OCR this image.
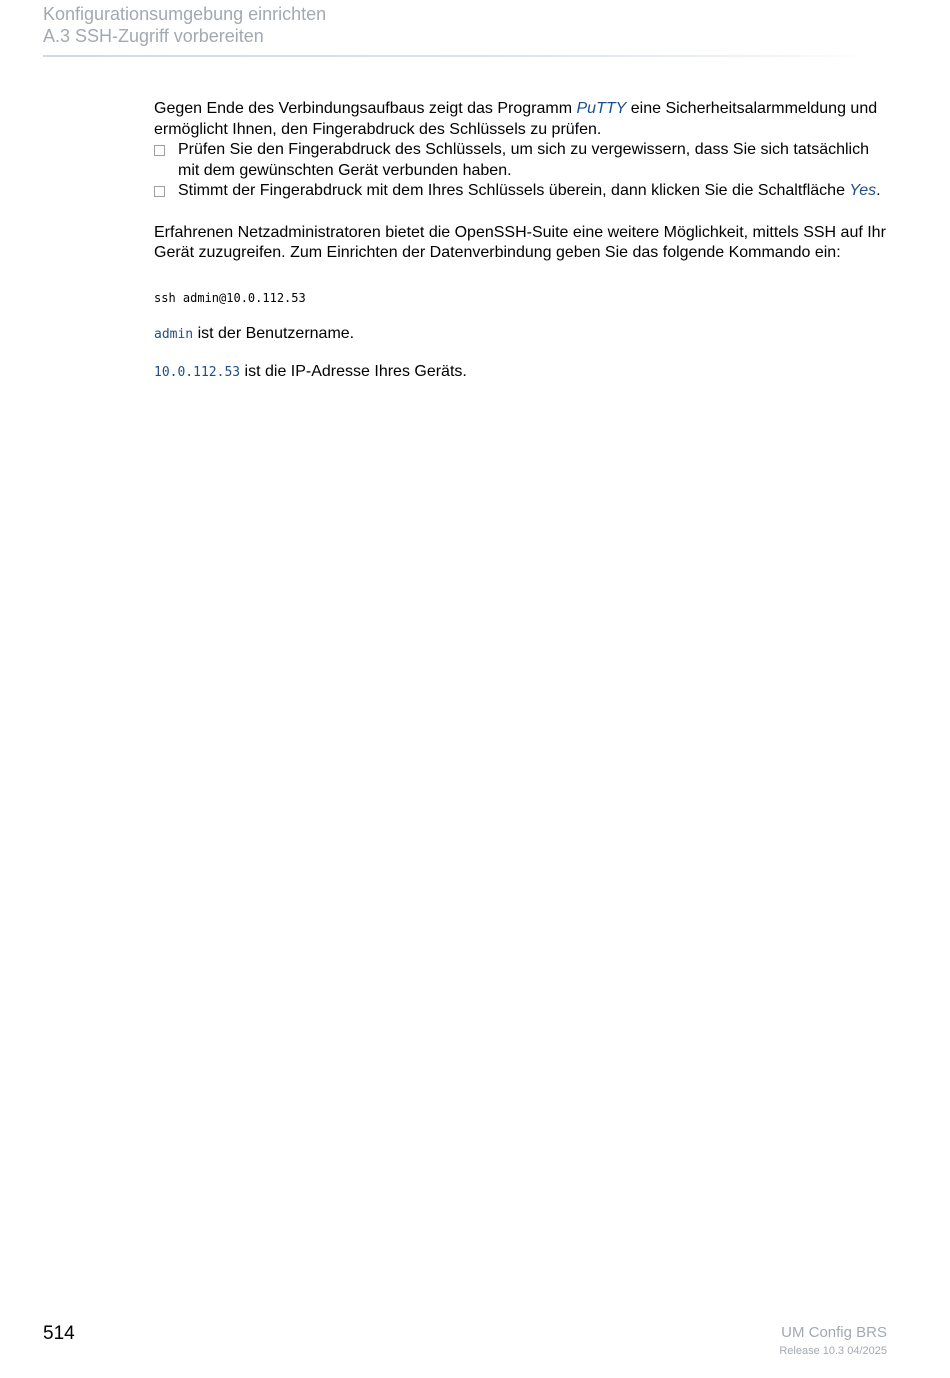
Konfigurationsumgebung einrichten
A.3 SSH-Zugriff vorbereiten

Gegen Ende des Verbindungsaufbaus zeigt das Programm PuTTY eine Sicherheitsalarmmeldung und ermöglicht Ihnen, den Fingerabdruck des Schlüssels zu prüfen.

Prüfen Sie den Fingerabdruck des Schlüssels, um sich zu vergewissern, dass Sie sich tatsächlich mit dem gewünschten Gerät verbunden haben.
Stimmt der Fingerabdruck mit dem Ihres Schlüssels überein, dann klicken Sie die Schaltfläche Yes.

Erfahrenen Netzadministratoren bietet die OpenSSH-Suite eine weitere Möglichkeit, mittels SSH auf Ihr Gerät zuzugreifen. Zum Einrichten der Datenverbindung geben Sie das folgende Kommando ein:

ssh admin@10.0.112.53

admin ist der Benutzername.

10.0.112.53 ist die IP-Adresse Ihres Geräts.

514	UM Config BRS
Release 10.3 04/2025
